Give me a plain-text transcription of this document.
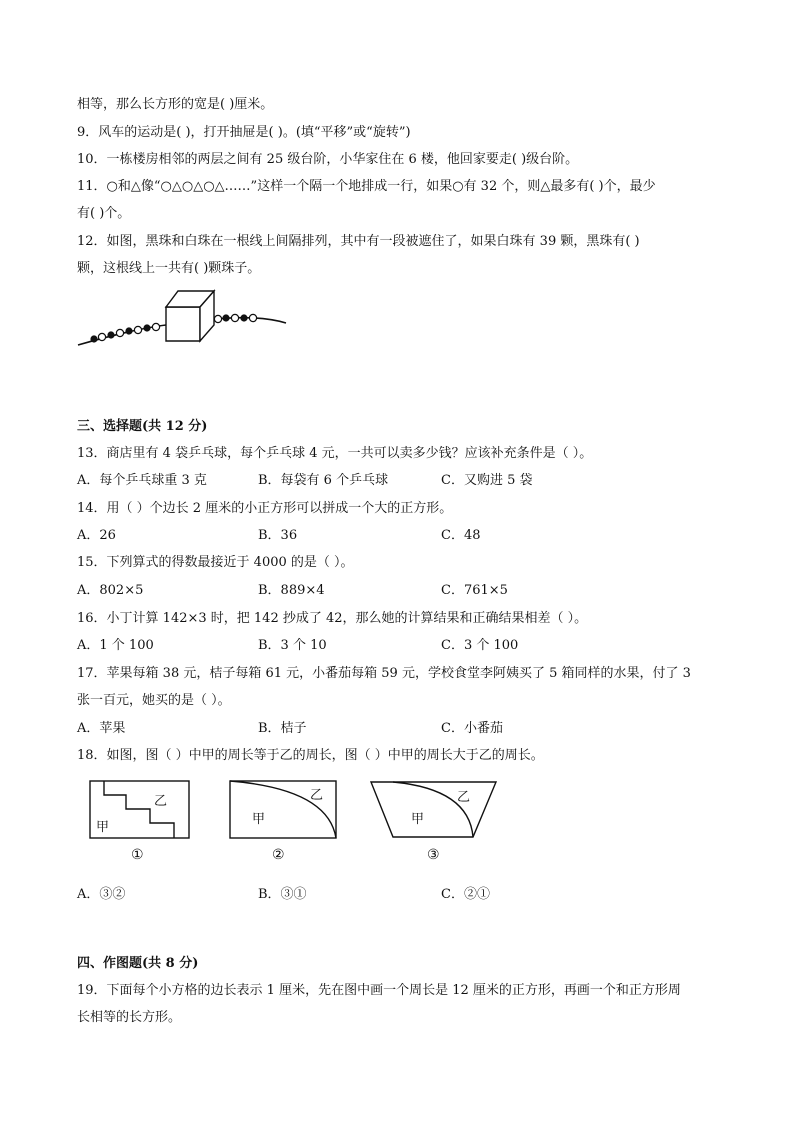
相等，那么长方形的宽是( )厘米。
9．风车的运动是( )，打开抽屉是( )。(填“平移”或“旋转”)
10．一栋楼房相邻的两层之间有 25 级台阶，小华家住在 6 楼，他回家要走( )级台阶。
11．○和△像“○△○△○△……”这样一个隔一个地排成一行，如果○有 32 个，则△最多有( )个，最少
有( )个。
12．如图，黑珠和白珠在一根线上间隔排列，其中有一段被遮住了，如果白珠有 39 颗，黑珠有( )
颗，这根线上一共有( )颗珠子。
三、选择题(共 12 分)
13．商店里有 4 袋乒乓球，每个乒乓球 4 元，一共可以卖多少钱？应该补充条件是（ ）。
A．每个乒乓球重 3 克	B．每袋有 6 个乒乓球	C．又购进 5 袋
14．用（ ）个边长 2 厘米的小正方形可以拼成一个大的正方形。
A．26	B．36	C．48
15．下列算式的得数最接近于 4000 的是（ ）。
A．802×5	B．889×4	C．761×5
16．小丁计算 142×3 时，把 142 抄成了 42，那么她的计算结果和正确结果相差（ ）。
A．1 个 100	B．3 个 10	C．3 个 100
17．苹果每箱 38 元，桔子每箱 61 元，小番茄每箱 59 元，学校食堂李阿姨买了 5 箱同样的水果，付了 3
张一百元，她买的是（ ）。
A．苹果	B．桔子	C．小番茄
18．如图，图（ ）中甲的周长等于乙的周长，图（ ）中甲的周长大于乙的周长。
甲
乙
①
甲
乙
②
甲
乙
③
A．③②	B．③①	C．②①
四、作图题(共 8 分)
19．下面每个小方格的边长表示 1 厘米，先在图中画一个周长是 12 厘米的正方形，再画一个和正方形周
长相等的长方形。
